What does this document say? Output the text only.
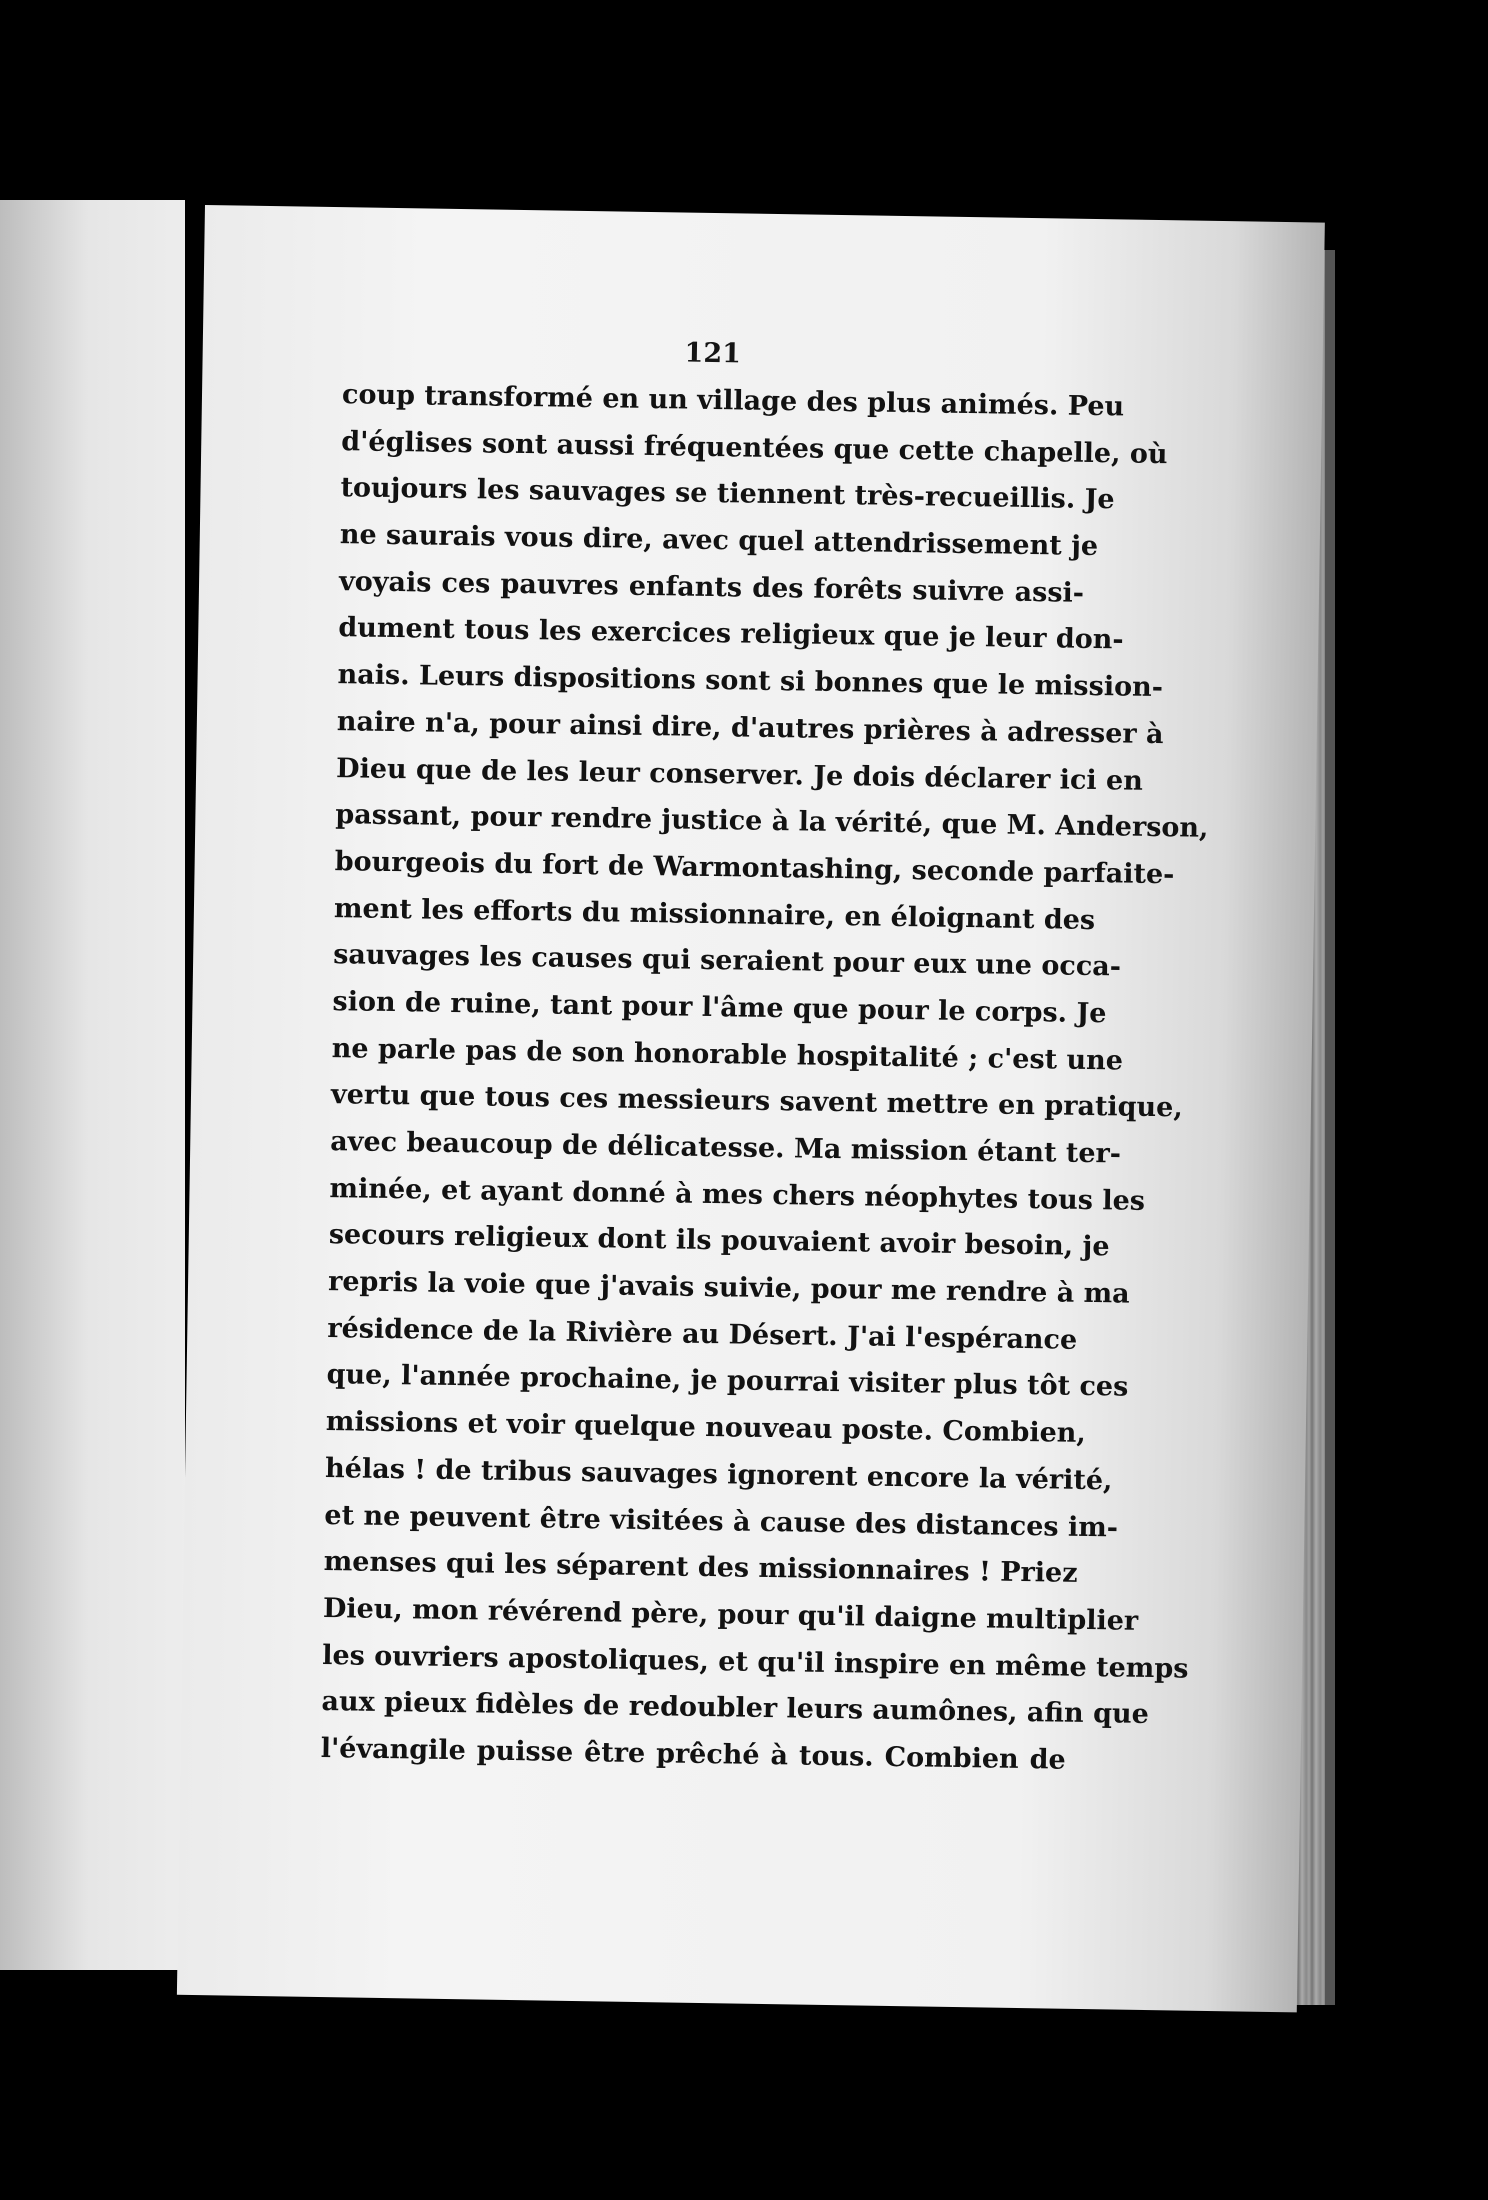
121
coup transformé en un village des plus animés. Peu
d'églises sont aussi fréquentées que cette chapelle, où
toujours les sauvages se tiennent très-recueillis. Je
ne saurais vous dire, avec quel attendrissement je
voyais ces pauvres enfants des forêts suivre assi-
dument tous les exercices religieux que je leur don-
nais. Leurs dispositions sont si bonnes que le mission-
naire n'a, pour ainsi dire, d'autres prières à adresser à
Dieu que de les leur conserver. Je dois déclarer ici en
passant, pour rendre justice à la vérité, que M. Anderson,
bourgeois du fort de Warmontashing, seconde parfaite-
ment les efforts du missionnaire, en éloignant des
sauvages les causes qui seraient pour eux une occa-
sion de ruine, tant pour l'âme que pour le corps. Je
ne parle pas de son honorable hospitalité ; c'est une
vertu que tous ces messieurs savent mettre en pratique,
avec beaucoup de délicatesse. Ma mission étant ter-
minée, et ayant donné à mes chers néophytes tous les
secours religieux dont ils pouvaient avoir besoin, je
repris la voie que j'avais suivie, pour me rendre à ma
résidence de la Rivière au Désert. J'ai l'espérance
que, l'année prochaine, je pourrai visiter plus tôt ces
missions et voir quelque nouveau poste. Combien,
hélas ! de tribus sauvages ignorent encore la vérité,
et ne peuvent être visitées à cause des distances im-
menses qui les séparent des missionnaires ! Priez
Dieu, mon révérend père, pour qu'il daigne multiplier
les ouvriers apostoliques, et qu'il inspire en même temps
aux pieux fidèles de redoubler leurs aumônes, afin que
l'évangile puisse être prêché à tous. Combien de
